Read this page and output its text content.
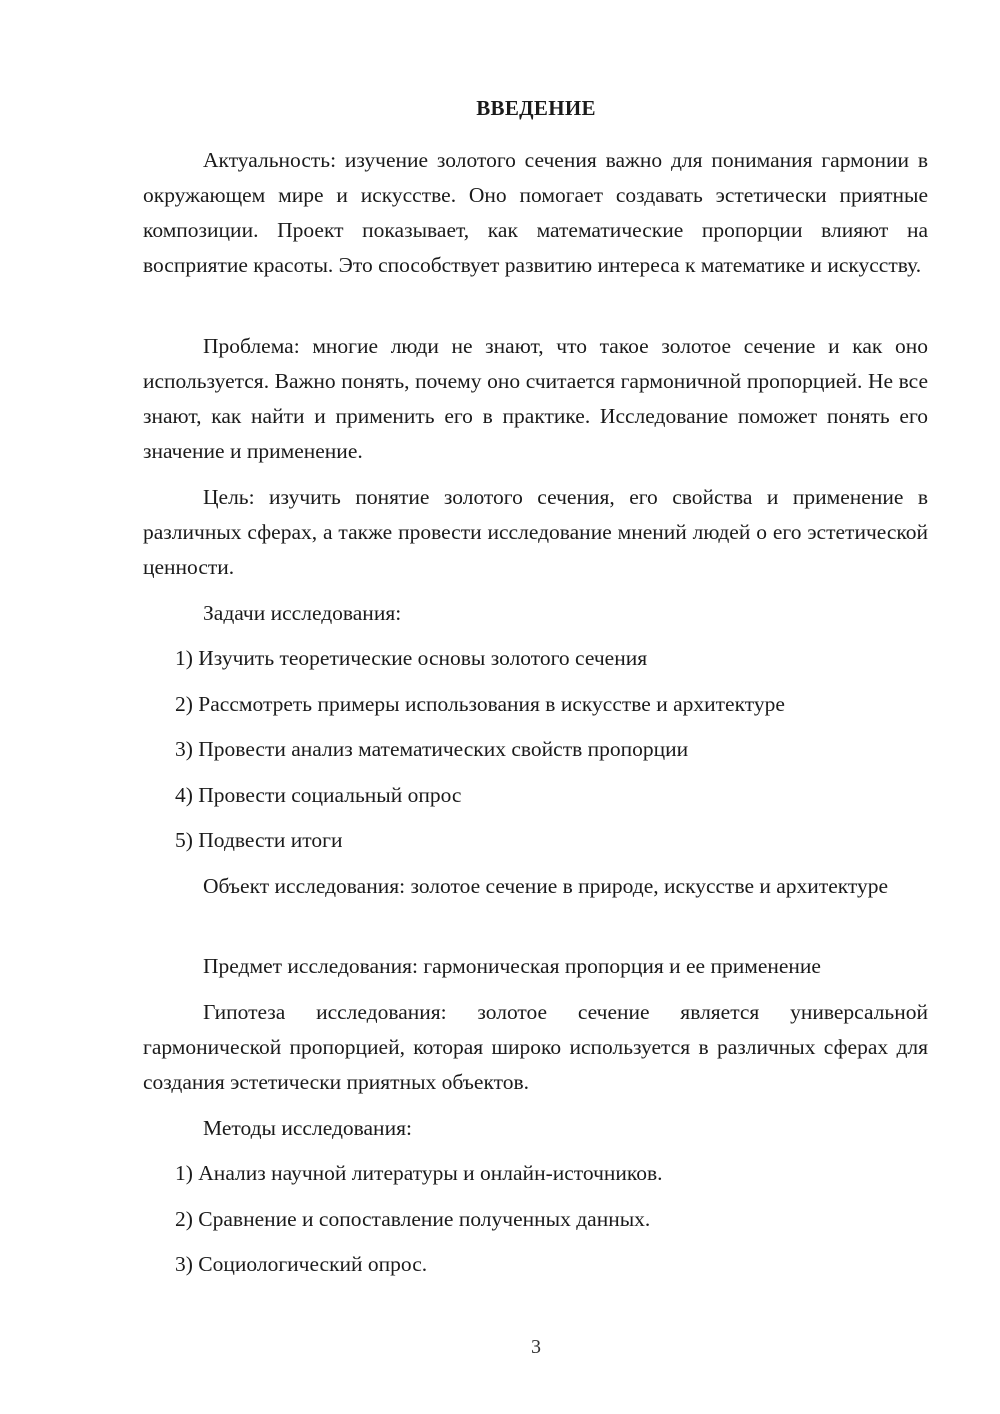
ВВЕДЕНИЕ

Актуальность: изучение золотого сечения важно для понимания гармонии в окружающем мире и искусстве. Оно помогает создавать эстетически приятные композиции. Проект показывает, как математические пропорции влияют на восприятие красоты. Это способствует развитию интереса к математике и искусству.

Проблема: многие люди не знают, что такое золотое сечение и как оно используется. Важно понять, почему оно считается гармоничной пропорцией. Не все знают, как найти и применить его в практике. Исследование поможет понять его значение и применение.

Цель: изучить понятие золотого сечения, его свойства и применение в различных сферах, а также провести исследование мнений людей о его эстетической ценности.

Задачи исследования:
1) Изучить теоретические основы золотого сечения
2) Рассмотреть примеры использования в искусстве и архитектуре
3) Провести анализ математических свойств пропорции
4) Провести социальный опрос
5) Подвести итоги

Объект исследования: золотое сечение в природе, искусстве и архитектуре

Предмет исследования: гармоническая пропорция и ее применение

Гипотеза исследования: золотое сечение является универсальной гармонической пропорцией, которая широко используется в различных сферах для создания эстетически приятных объектов.

Методы исследования:
1) Анализ научной литературы и онлайн-источников.
2) Сравнение и сопоставление полученных данных.
3) Социологический опрос.
3
